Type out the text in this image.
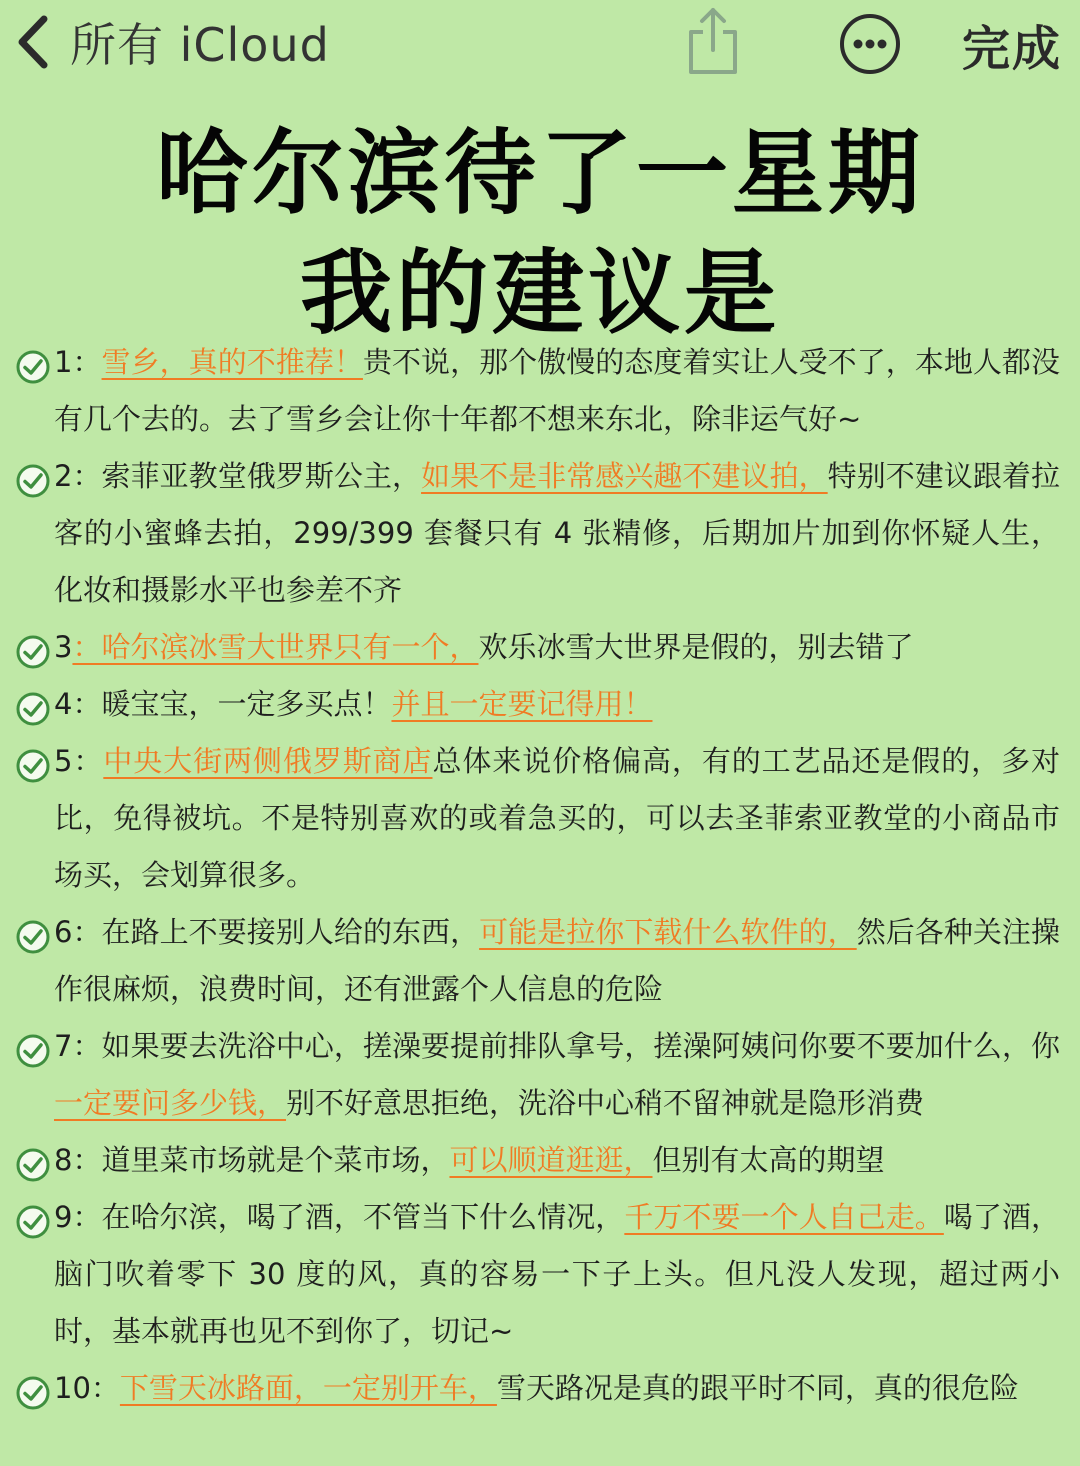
所有 iCloud	完成
哈尔滨待了一星期
我的建议是
1：雪乡，真的不推荐！贵不说，那个傲慢的态度着实让人受不了，本地人都没有几个去的。去了雪乡会让你十年都不想来东北，除非运气好~
2：索菲亚教堂俄罗斯公主，如果不是非常感兴趣不建议拍，特别不建议跟着拉客的小蜜蜂去拍，299/399 套餐只有 4 张精修，后期加片加到你怀疑人生，化妆和摄影水平也参差不齐
3：哈尔滨冰雪大世界只有一个，欢乐冰雪大世界是假的，别去错了
4：暖宝宝，一定多买点！并且一定要记得用！
5：中央大街两侧俄罗斯商店总体来说价格偏高，有的工艺品还是假的，多对比，免得被坑。不是特别喜欢的或着急买的，可以去圣菲索亚教堂的小商品市场买，会划算很多。
6：在路上不要接别人给的东西，可能是拉你下载什么软件的，然后各种关注操作很麻烦，浪费时间，还有泄露个人信息的危险
7：如果要去洗浴中心，搓澡要提前排队拿号，搓澡阿姨问你要不要加什么，你一定要问多少钱，别不好意思拒绝，洗浴中心稍不留神就是隐形消费
8：道里菜市场就是个菜市场，可以顺道逛逛，但别有太高的期望
9：在哈尔滨，喝了酒，不管当下什么情况，千万不要一个人自己走。喝了酒，脑门吹着零下 30 度的风，真的容易一下子上头。但凡没人发现，超过两小时，基本就再也见不到你了，切记~
10：下雪天冰路面，一定别开车，雪天路况是真的跟平时不同，真的很危险
